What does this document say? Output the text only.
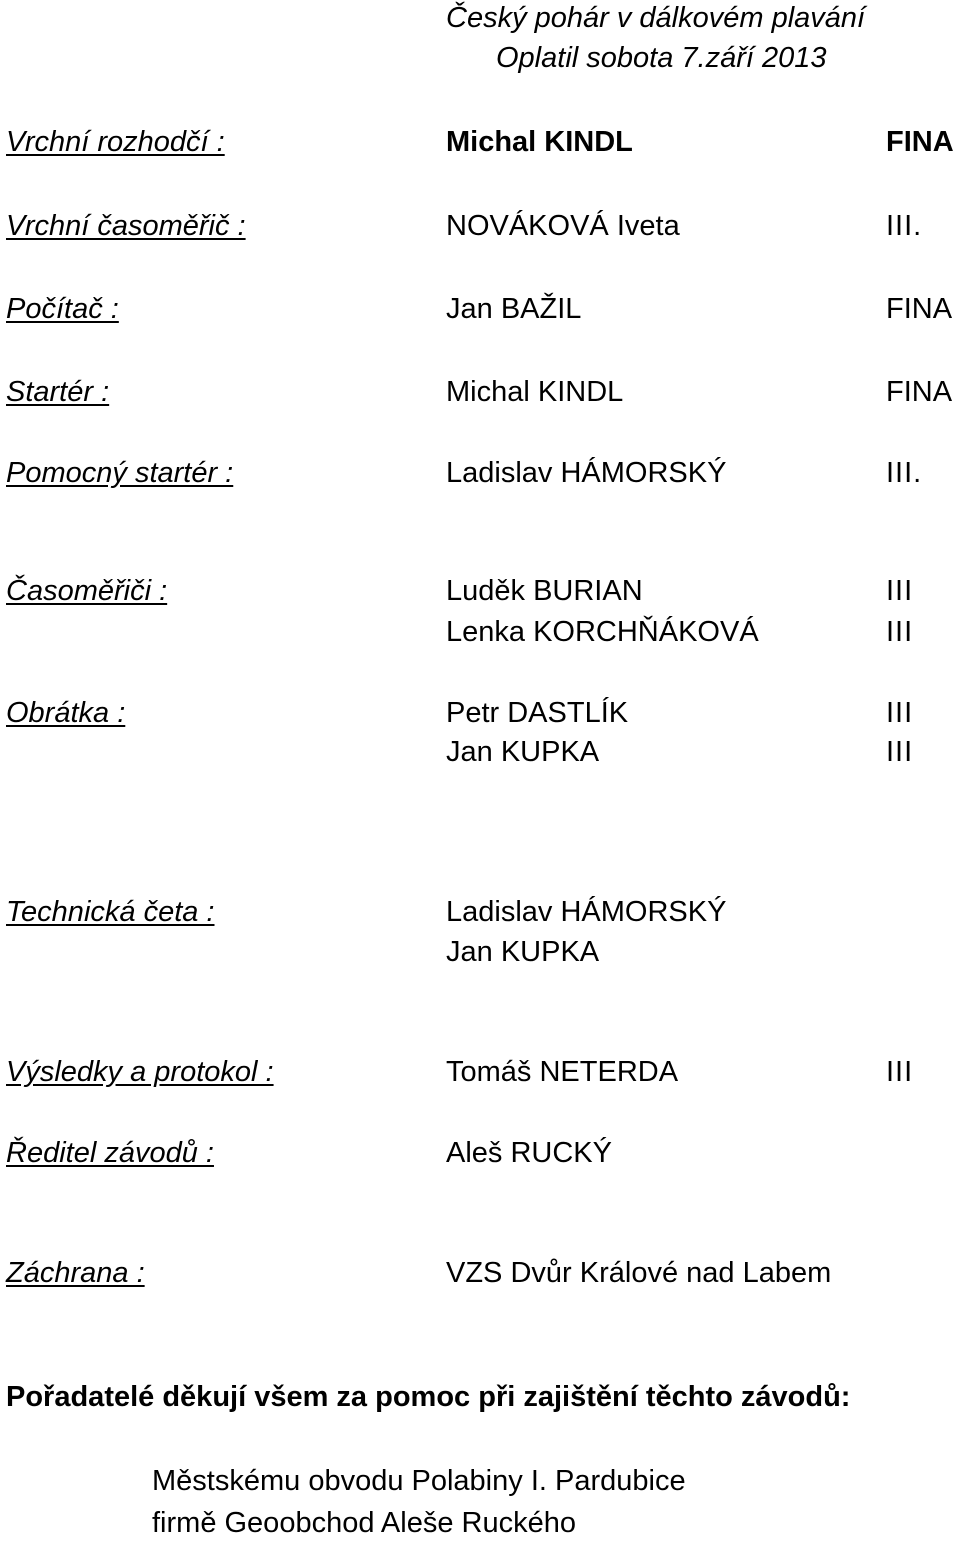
Český pohár v dálkovém plavání
Oplatil sobota 7.září 2013
Vrchní rozhodčí :	Michal KINDL	FINA
Vrchní časoměřič :	NOVÁKOVÁ Iveta	III.
Počítač :	Jan BAŽIL	FINA
Startér :	Michal KINDL	FINA
Pomocný startér :	Ladislav HÁMORSKÝ	III.
Časoměřiči :	Luděk BURIAN	III
Lenka KORCHŇÁKOVÁ	III
Obrátka :	Petr DASTLÍK	III
Jan KUPKA	III
Technická četa :	Ladislav HÁMORSKÝ
Jan KUPKA
Výsledky a protokol :	Tomáš NETERDA	III
Ředitel závodů :	Aleš RUCKÝ
Záchrana :	VZS Dvůr Králové nad Labem
Pořadatelé děkují všem za pomoc při zajištění těchto závodů:
Městskému obvodu Polabiny I. Pardubice
firmě Geoobchod Aleše Ruckého
